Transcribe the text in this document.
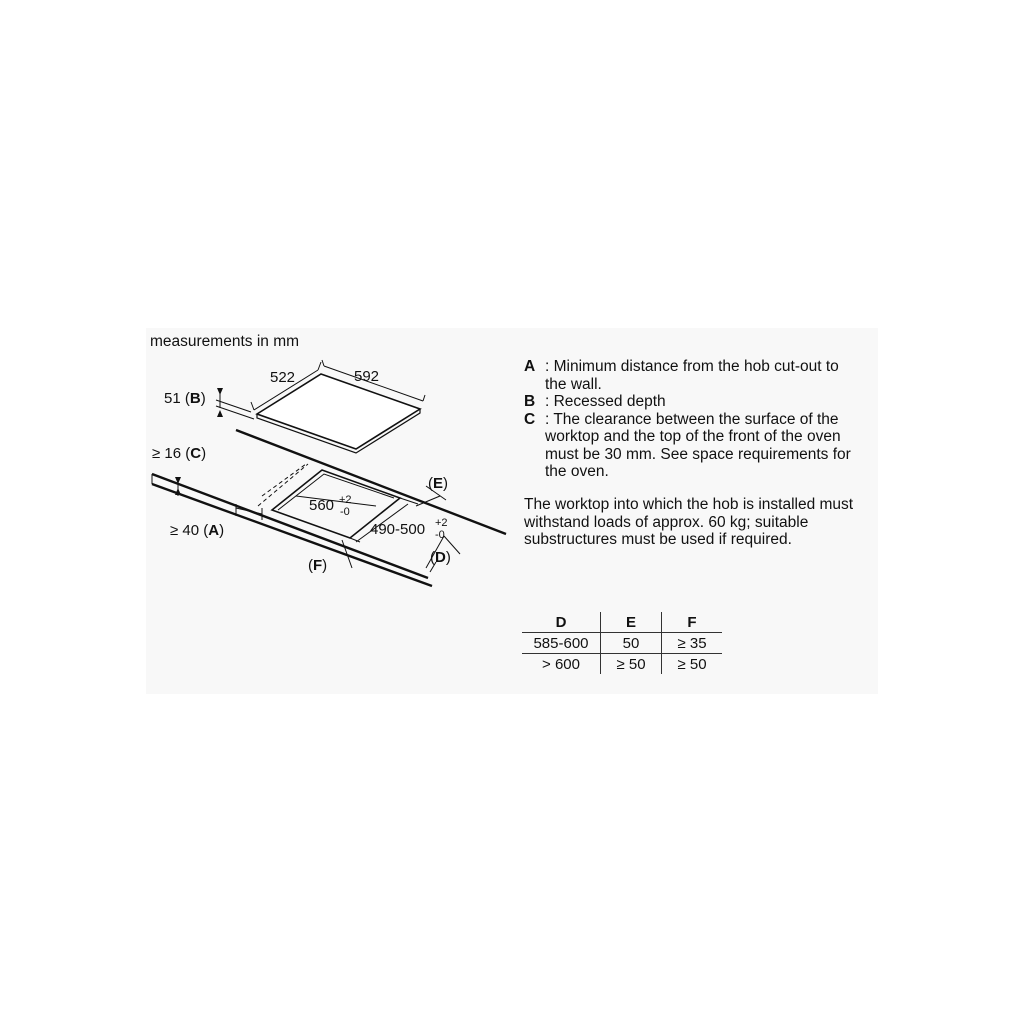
measurements in mm
522	592
51 (B)
≥ 16 (C)
≥ 40 (A)
560 +2
-0
490-500 +2
-0
(E)
(D)
(F)
A : Minimum distance from the hob cut-out to the wall.
B : Recessed depth
C : The clearance between the surface of the worktop and the top of the front of the oven must be 30 mm. See space requirements for the oven.
The worktop into which the hob is installed must withstand loads of approx. 60 kg; suitable substructures must be used if required.
D	E	F
585-600	50	≥ 35
> 600	≥ 50	≥ 50
